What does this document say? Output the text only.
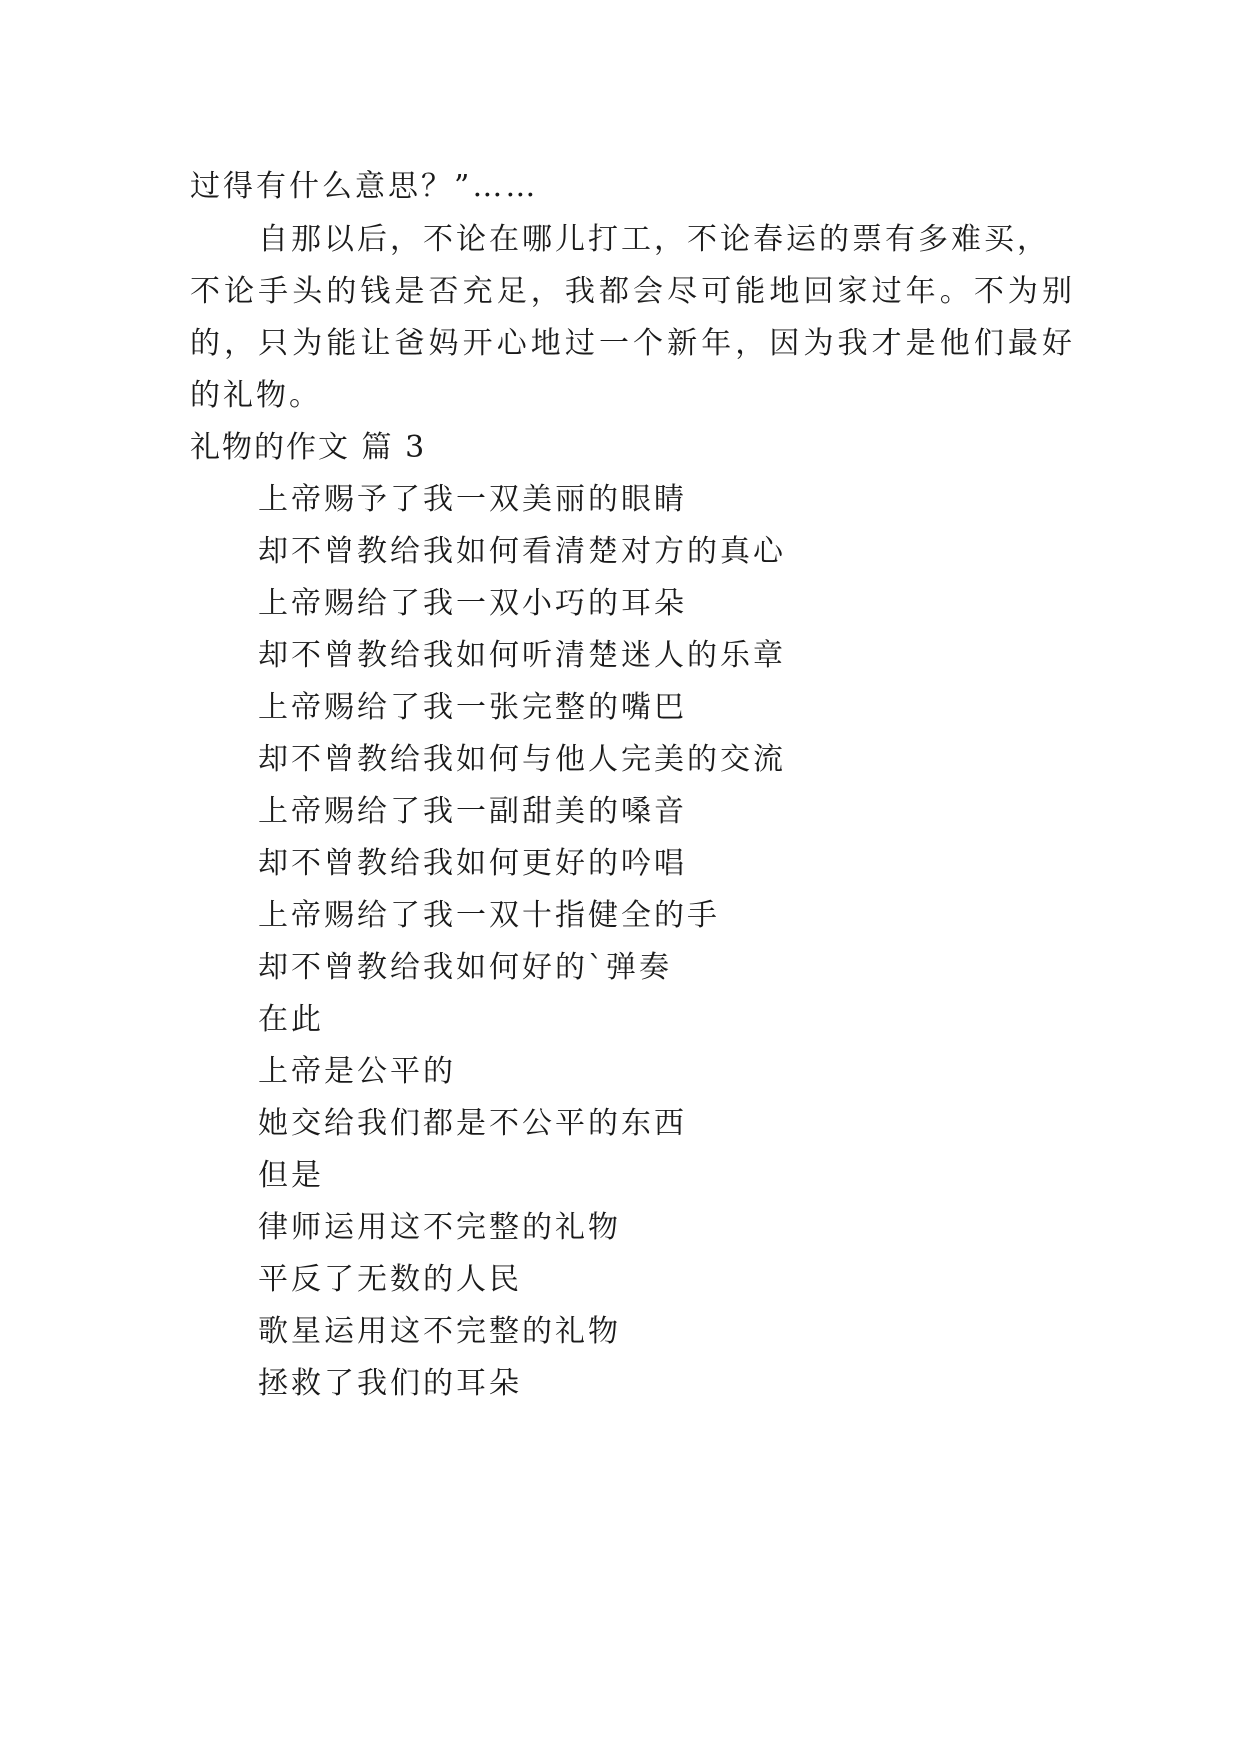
过得有什么意思？”……
自那以后，不论在哪儿打工，不论春运的票有多难买，
不论手头的钱是否充足，我都会尽可能地回家过年。不为别
的，只为能让爸妈开心地过一个新年，因为我才是他们最好
的礼物。
礼物的作文 篇 3
上帝赐予了我一双美丽的眼睛
却不曾教给我如何看清楚对方的真心
上帝赐给了我一双小巧的耳朵
却不曾教给我如何听清楚迷人的乐章
上帝赐给了我一张完整的嘴巴
却不曾教给我如何与他人完美的交流
上帝赐给了我一副甜美的嗓音
却不曾教给我如何更好的吟唱
上帝赐给了我一双十指健全的手
却不曾教给我如何好的`弹奏
在此
上帝是公平的
她交给我们都是不公平的东西
但是
律师运用这不完整的礼物
平反了无数的人民
歌星运用这不完整的礼物
拯救了我们的耳朵
